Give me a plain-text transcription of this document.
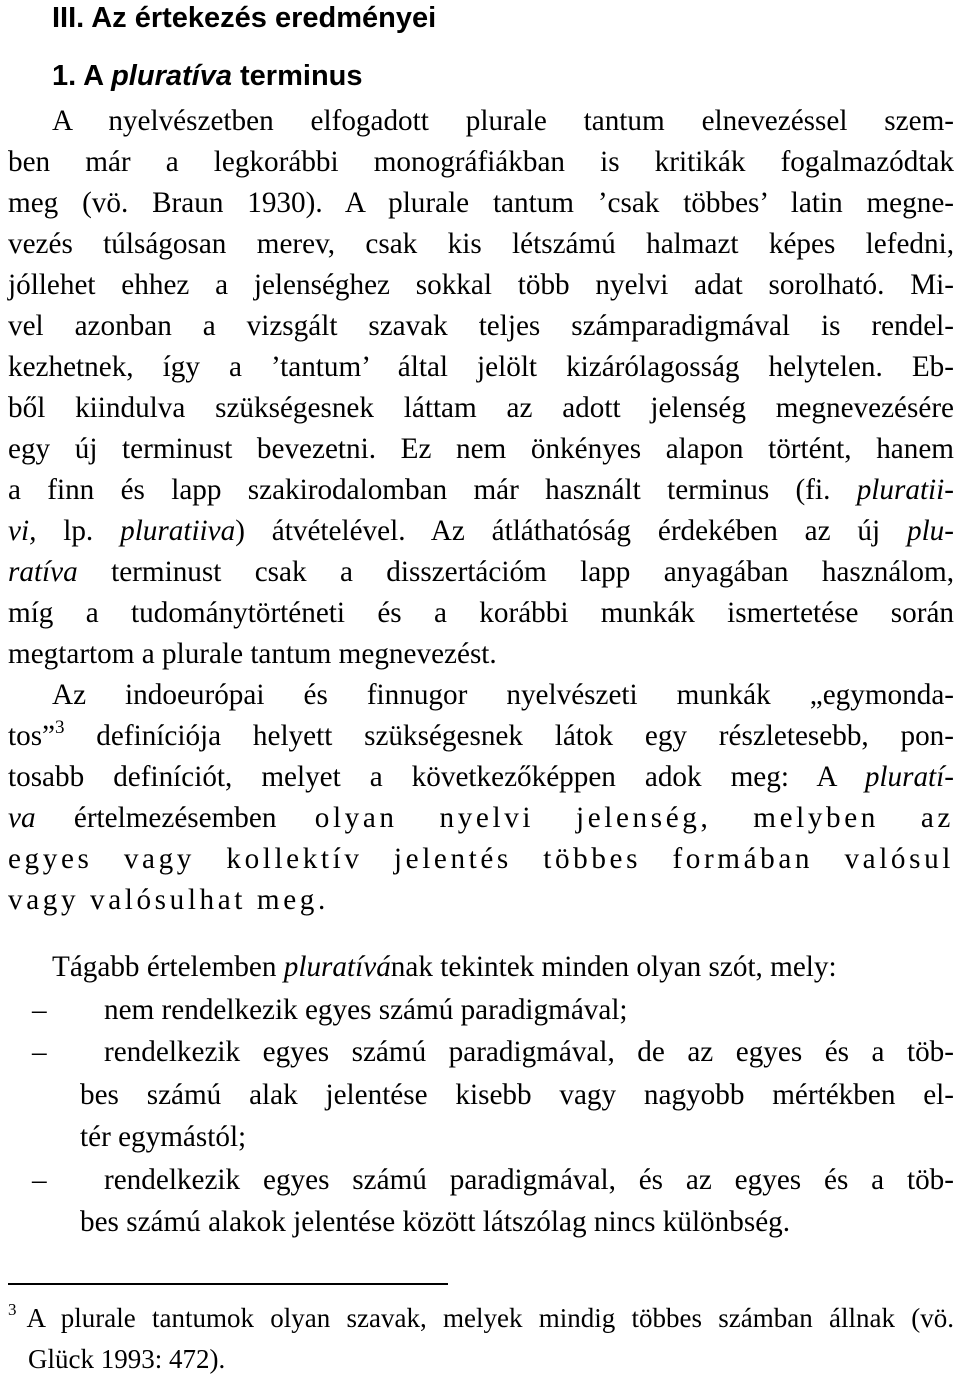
III. Az értekezés eredményei
1. A pluratíva terminus
A nyelvészetben elfogadott plurale tantum elnevezéssel szem-
ben már a legkorábbi monográfiákban is kritikák fogalmazódtak
meg (vö. Braun 1930). A plurale tantum ’csak többes’ latin megne-
vezés túlságosan merev, csak kis létszámú halmazt képes lefedni,
jóllehet ehhez a jelenséghez sokkal több nyelvi adat sorolható. Mi-
vel azonban a vizsgált szavak teljes számparadigmával is rendel-
kezhetnek, így a ’tantum’ által jelölt kizárólagosság helytelen. Eb-
ből kiindulva szükségesnek láttam az adott jelenség megnevezésére
egy új terminust bevezetni. Ez nem önkényes alapon történt, hanem
a finn és lapp szakirodalomban már használt terminus (fi. pluratii-
vi, lp. pluratiiva) átvételével. Az átláthatóság érdekében az új plu-
ratíva terminust csak a disszertációm lapp anyagában használom,
míg a tudománytörténeti és a korábbi munkák ismertetése során
megtartom a plurale tantum megnevezést.
Az indoeurópai és finnugor nyelvészeti munkák „egymonda-
tos”$^3$ definíciója helyett szükségesnek látok egy részletesebb, pon-
tosabb definíciót, melyet a következőképpen adok meg: A pluratí-
va értelmezésemben olyan nyelvi jelenség, melyben az
egyes vagy kollektív jelentés többes formában valósul
vagy valósulhat meg.
Tágabb értelemben pluratívának tekintek minden olyan szót, mely:
– nem rendelkezik egyes számú paradigmával;
– rendelkezik egyes számú paradigmával, de az egyes és a töb-
bes számú alak jelentése kisebb vagy nagyobb mértékben el-
tér egymástól;
– rendelkezik egyes számú paradigmával, és az egyes és a töb-
bes számú alakok jelentése között látszólag nincs különbség.
$^3$ A plurale tantumok olyan szavak, melyek mindig többes számban állnak (vö.
Glück 1993: 472).
